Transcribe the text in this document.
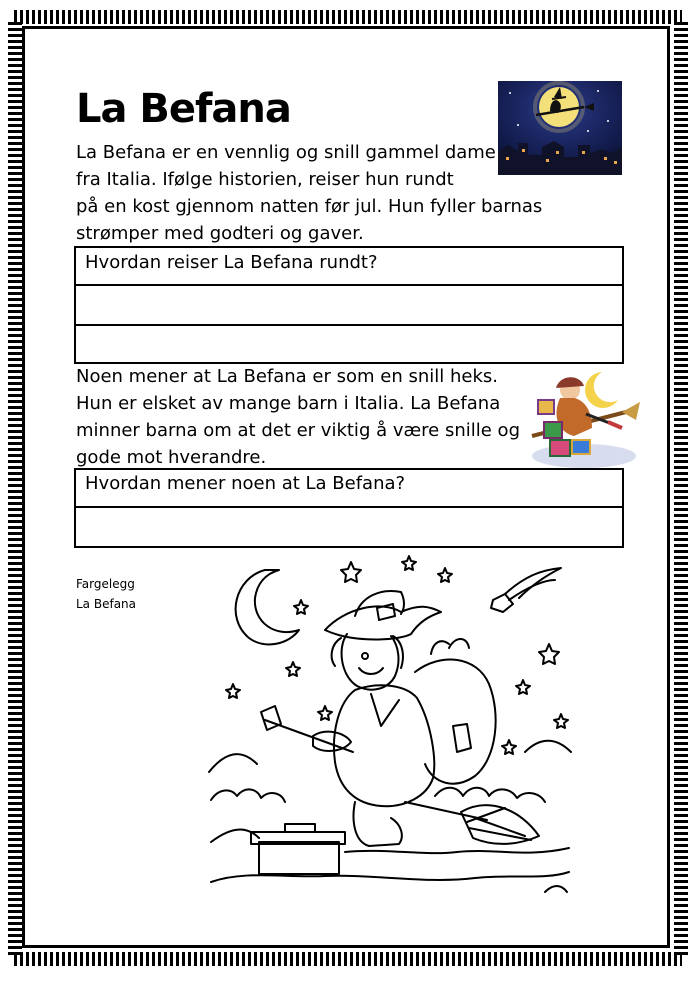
La Befana

La Befana er en vennlig og snill gammel dame
fra Italia. Ifølge historien, reiser hun rundt
på en kost gjennom natten før jul. Hun fyller barnas
strømper med godteri og gaver.

Hvordan reiser La Befana rundt?

Noen mener at La Befana er som en snill heks.
Hun er elsket av mange barn i Italia. La Befana
minner barna om at det er viktig å være snille og
gode mot hverandre.

Hvordan mener noen at La Befana?
Fargelegg
La Befana
